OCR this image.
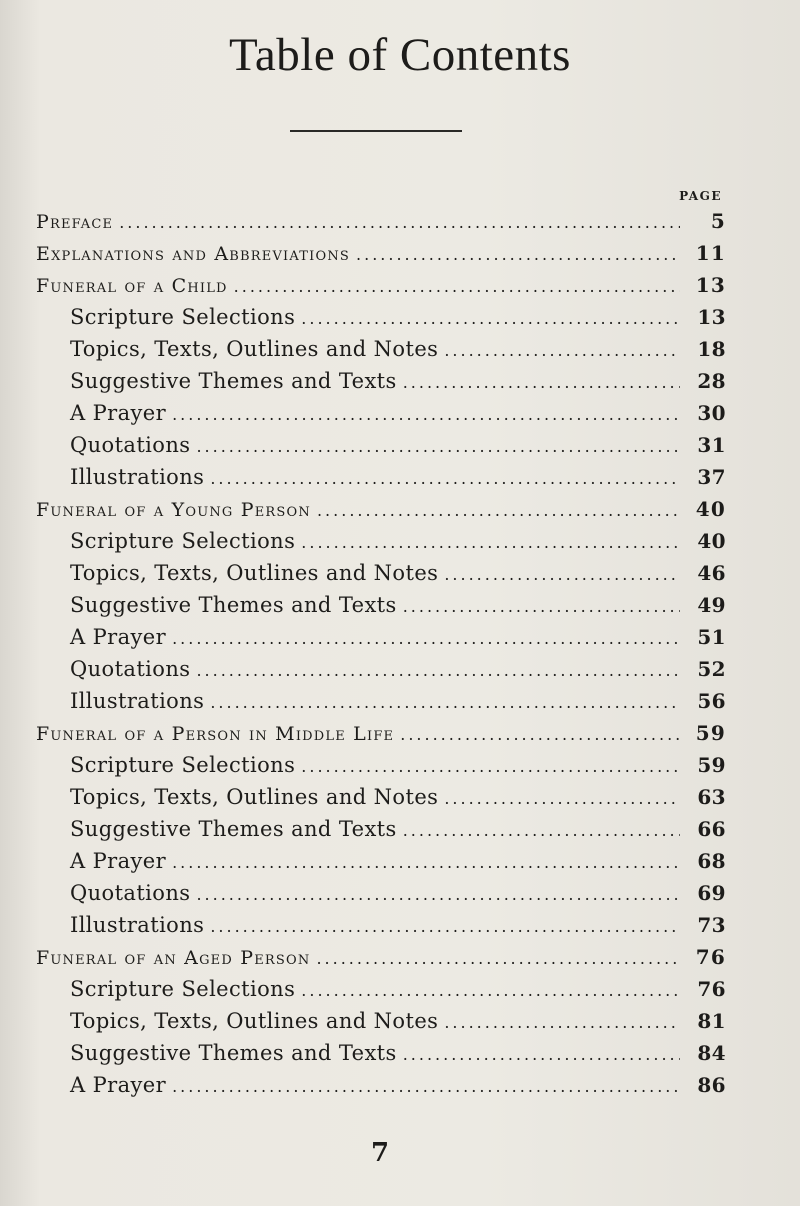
Table of Contents
PAGE
Preface .....	5
Explanations and Abbreviations .....	11
Funeral of a Child .....	13
Scripture Selections .....	13
Topics, Texts, Outlines and Notes .....	18
Suggestive Themes and Texts .....	28
A Prayer .....	30
Quotations .....	31
Illustrations .....	37
Funeral of a Young Person .....	40
Scripture Selections .....	40
Topics, Texts, Outlines and Notes .....	46
Suggestive Themes and Texts .....	49
A Prayer .....	51
Quotations .....	52
Illustrations .....	56
Funeral of a Person in Middle Life .....	59
Scripture Selections .....	59
Topics, Texts, Outlines and Notes .....	63
Suggestive Themes and Texts .....	66
A Prayer .....	68
Quotations .....	69
Illustrations .....	73
Funeral of an Aged Person .....	76
Scripture Selections .....	76
Topics, Texts, Outlines and Notes .....	81
Suggestive Themes and Texts .....	84
A Prayer .....	86
7
